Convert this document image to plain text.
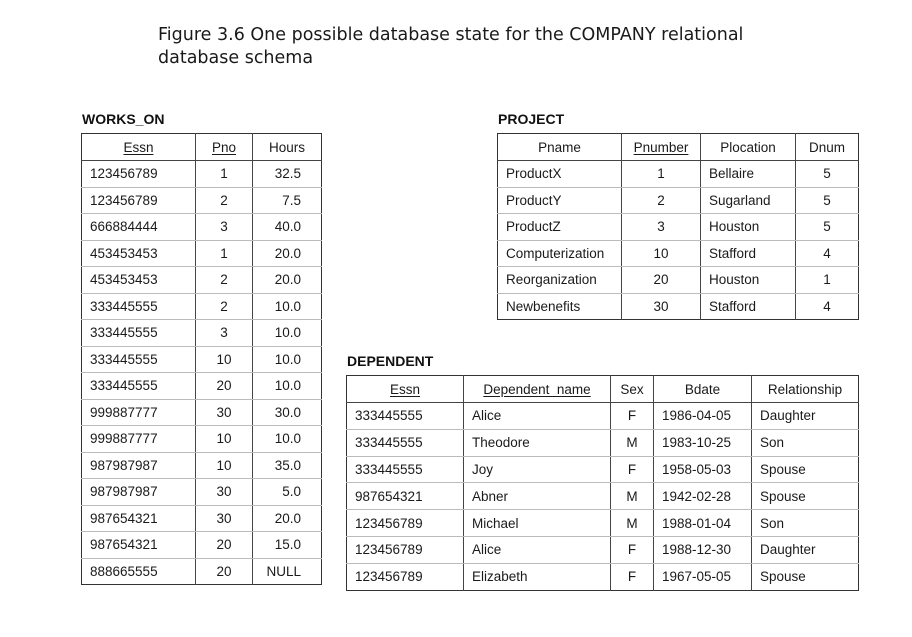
Figure 3.6 One possible database state for the COMPANY relational
database schema
WORKS_ON
Essn	Pno	Hours
123456789	1	32.5
123456789	2	7.5
666884444	3	40.0
453453453	1	20.0
453453453	2	20.0
333445555	2	10.0
333445555	3	10.0
333445555	10	10.0
333445555	20	10.0
999887777	30	30.0
999887777	10	10.0
987987987	10	35.0
987987987	30	5.0
987654321	30	20.0
987654321	20	15.0
888665555	20	NULL
PROJECT
Pname	Pnumber	Plocation	Dnum
ProductX	1	Bellaire	5
ProductY	2	Sugarland	5
ProductZ	3	Houston	5
Computerization	10	Stafford	4
Reorganization	20	Houston	1
Newbenefits	30	Stafford	4
DEPENDENT
Essn	Dependent_name	Sex	Bdate	Relationship
333445555	Alice	F	1986-04-05	Daughter
333445555	Theodore	M	1983-10-25	Son
333445555	Joy	F	1958-05-03	Spouse
987654321	Abner	M	1942-02-28	Spouse
123456789	Michael	M	1988-01-04	Son
123456789	Alice	F	1988-12-30	Daughter
123456789	Elizabeth	F	1967-05-05	Spouse
